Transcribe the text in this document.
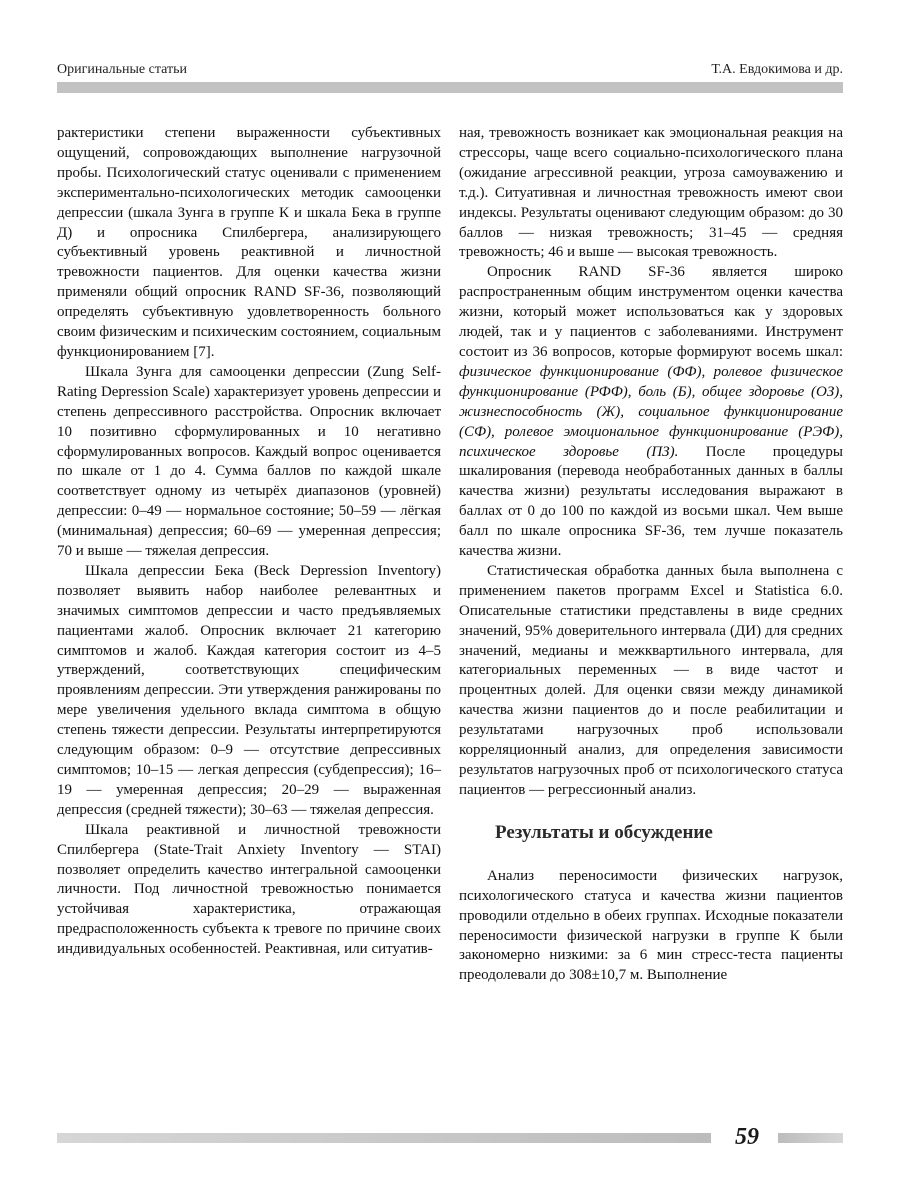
Оригинальные статьи	Т.А. Евдокимова и др.

рактеристики степени выраженности субъективных ощущений, сопровождающих выполнение нагрузочной пробы. Психологический статус оценивали с применением экспериментально-психологических методик самооценки депрессии (шкала Зунга в группе К и шкала Бека в группе Д) и опросника Спилбергера, анализирующего субъективный уровень реактивной и личностной тревожности пациентов. Для оценки качества жизни применяли общий опросник RAND SF-36, позволяющий определять субъективную удовлетворенность больного своим физическим и психическим состоянием, социальным функционированием [7].

Шкала Зунга для самооценки депрессии (Zung Self-Rating Depression Scale) характеризует уровень депрессии и степень депрессивного расстройства. Опросник включает 10 позитивно сформулированных и 10 негативно сформулированных вопросов. Каждый вопрос оценивается по шкале от 1 до 4. Сумма баллов по каждой шкале соответствует одному из четырёх диапазонов (уровней) депрессии: 0–49 — нормальное состояние; 50–59 — лёгкая (минимальная) депрессия; 60–69 — умеренная депрессия; 70 и выше — тяжелая депрессия.

Шкала депрессии Бека (Beck Depression Inventory) позволяет выявить набор наиболее релевантных и значимых симптомов депрессии и часто предъявляемых пациентами жалоб. Опросник включает 21 категорию симптомов и жалоб. Каждая категория состоит из 4–5 утверждений, соответствующих специфическим проявлениям депрессии. Эти утверждения ранжированы по мере увеличения удельного вклада симптома в общую степень тяжести депрессии. Результаты интерпретируются следующим образом: 0–9 — отсутствие депрессивных симптомов; 10–15 — легкая депрессия (субдепрессия); 16–19 — умеренная депрессия; 20–29 — выраженная депрессия (средней тяжести); 30–63 — тяжелая депрессия.

Шкала реактивной и личностной тревожности Спилбергера (State-Trait Anxiety Inventory — STAI) позволяет определить качество интегральной самооценки личности. Под личностной тревожностью понимается устойчивая характеристика, отражающая предрасположенность субъекта к тревоге по причине своих индивидуальных особенностей. Реактивная, или ситуатив-

ная, тревожность возникает как эмоциональная реакция на стрессоры, чаще всего социально-психологического плана (ожидание агрессивной реакции, угроза самоуважению и т.д.). Ситуативная и личностная тревожность имеют свои индексы. Результаты оценивают следующим образом: до 30 баллов — низкая тревожность; 31–45 — средняя тревожность; 46 и выше — высокая тревожность.

Опросник RAND SF-36 является широко распространенным общим инструментом оценки качества жизни, который может использоваться как у здоровых людей, так и у пациентов с заболеваниями. Инструмент состоит из 36 вопросов, которые формируют восемь шкал: физическое функционирование (ФФ), ролевое физическое функционирование (РФФ), боль (Б), общее здоровье (ОЗ), жизнеспособность (Ж), социальное функционирование (СФ), ролевое эмоциональное функционирование (РЭФ), психическое здоровье (ПЗ). После процедуры шкалирования (перевода необработанных данных в баллы качества жизни) результаты исследования выражают в баллах от 0 до 100 по каждой из восьми шкал. Чем выше балл по шкале опросника SF-36, тем лучше показатель качества жизни.

Статистическая обработка данных была выполнена с применением пакетов программ Excel и Statistica 6.0. Описательные статистики представлены в виде средних значений, 95% доверительного интервала (ДИ) для средних значений, медианы и межквартильного интервала, для категориальных переменных — в виде частот и процентных долей. Для оценки связи между динамикой качества жизни пациентов до и после реабилитации и результатами нагрузочных проб использовали корреляционный анализ, для определения зависимости результатов нагрузочных проб от психологического статуса пациентов — регрессионный анализ.

Результаты и обсуждение

Анализ переносимости физических нагрузок, психологического статуса и качества жизни пациентов проводили отдельно в обеих группах. Исходные показатели переносимости физической нагрузки в группе К были закономерно низкими: за 6 мин стресс-теста пациенты преодолевали до 308±10,7 м. Выполнение

59
